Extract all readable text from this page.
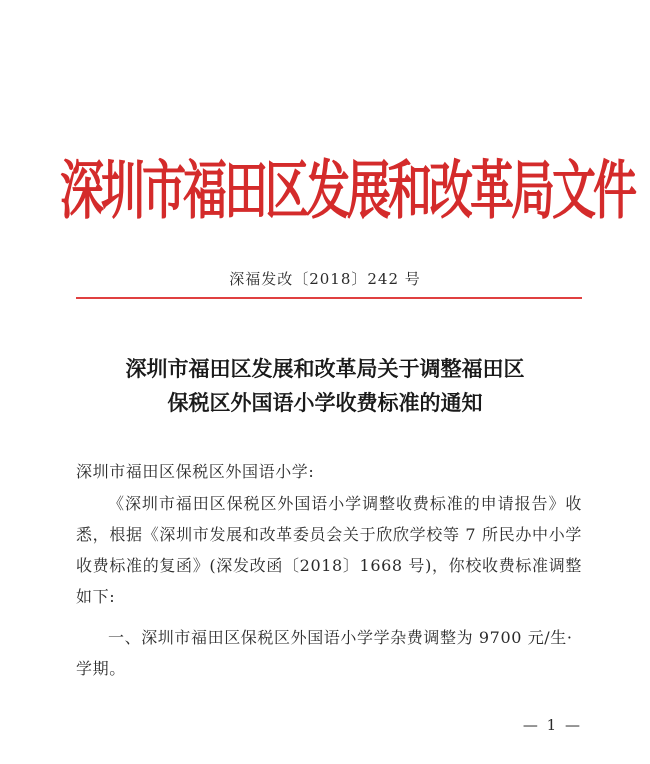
深圳市福田区发展和改革局文件
深福发改〔2018〕242 号
深圳市福田区发展和改革局关于调整福田区
保税区外国语小学收费标准的通知
深圳市福田区保税区外国语小学:
《深圳市福田区保税区外国语小学调整收费标准的申请报告》收悉，根据《深圳市发展和改革委员会关于欣欣学校等 7 所民办中小学收费标准的复函》(深发改函〔2018〕1668 号)，你校收费标准调整如下:
一、深圳市福田区保税区外国语小学学杂费调整为 9700 元/生·学期。
— 1 —
